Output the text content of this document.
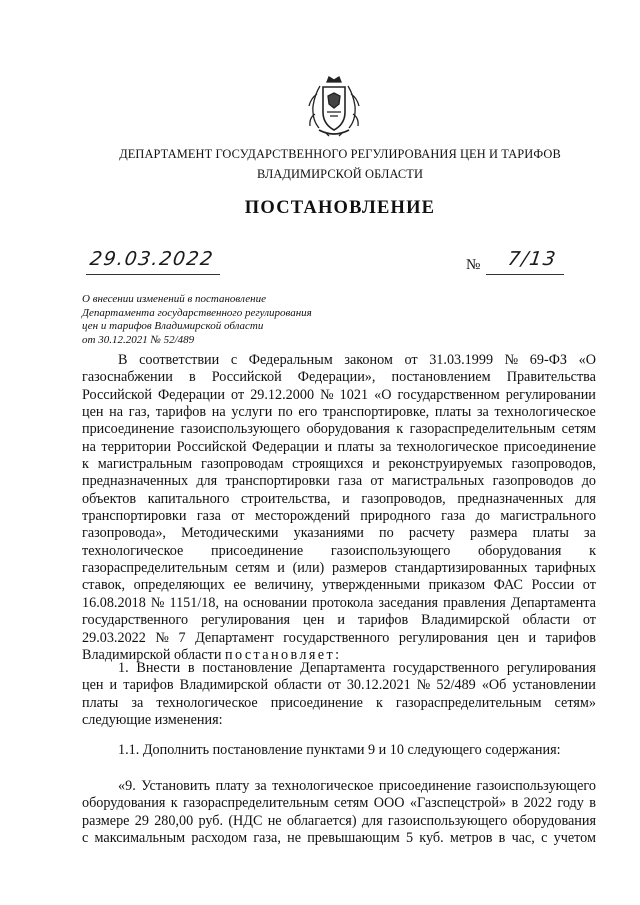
ДЕПАРТАМЕНТ ГОСУДАРСТВЕННОГО РЕГУЛИРОВАНИЯ ЦЕН И ТАРИФОВ
ВЛАДИМИРСКОЙ ОБЛАСТИ
ПОСТАНОВЛЕНИЕ
29.03.2022	№ 7/13
О внесении изменений в постановление
Департамента государственного регулирования
цен и тарифов Владимирской области
от 30.12.2021 № 52/489
В соответствии с Федеральным законом от 31.03.1999 № 69-ФЗ «О
газоснабжении в Российской Федерации», постановлением Правительства
Российской Федерации от 29.12.2000 № 1021 «О государственном регулировании
цен на газ, тарифов на услуги по его транспортировке, платы за технологическое
присоединение газоиспользующего оборудования к газораспределительным сетям
на территории Российской Федерации и платы за технологическое присоединение
к магистральным газопроводам строящихся и реконструируемых газопроводов,
предназначенных для транспортировки газа от магистральных газопроводов до
объектов капитального строительства, и газопроводов, предназначенных для
транспортировки газа от месторождений природного газа до магистрального
газопровода», Методическими указаниями по расчету размера платы за
технологическое присоединение газоиспользующего оборудования к
газораспределительным сетям и (или) размеров стандартизированных тарифных
ставок, определяющих ее величину, утвержденными приказом ФАС России от
16.08.2018 № 1151/18, на основании протокола заседания правления Департамента
государственного регулирования цен и тарифов Владимирской области от
29.03.2022 № 7 Департамент государственного регулирования цен и тарифов
Владимирской области
постановляет:
1. Внести в постановление Департамента государственного регулирования
цен и тарифов Владимирской области от 30.12.2021 № 52/489 «Об установлении
платы за технологическое присоединение к газораспределительным сетям»
следующие изменения:
1.1. Дополнить постановление пунктами 9 и 10 следующего содержания:
«9. Установить плату за технологическое присоединение газоиспользующего
оборудования к газораспределительным сетям ООО «Газспецстрой» в 2022 году в
размере 29 280,00 руб. (НДС не облагается) для газоиспользующего оборудования
с максимальным расходом газа, не превышающим 5 куб. метров в час, с учетом
